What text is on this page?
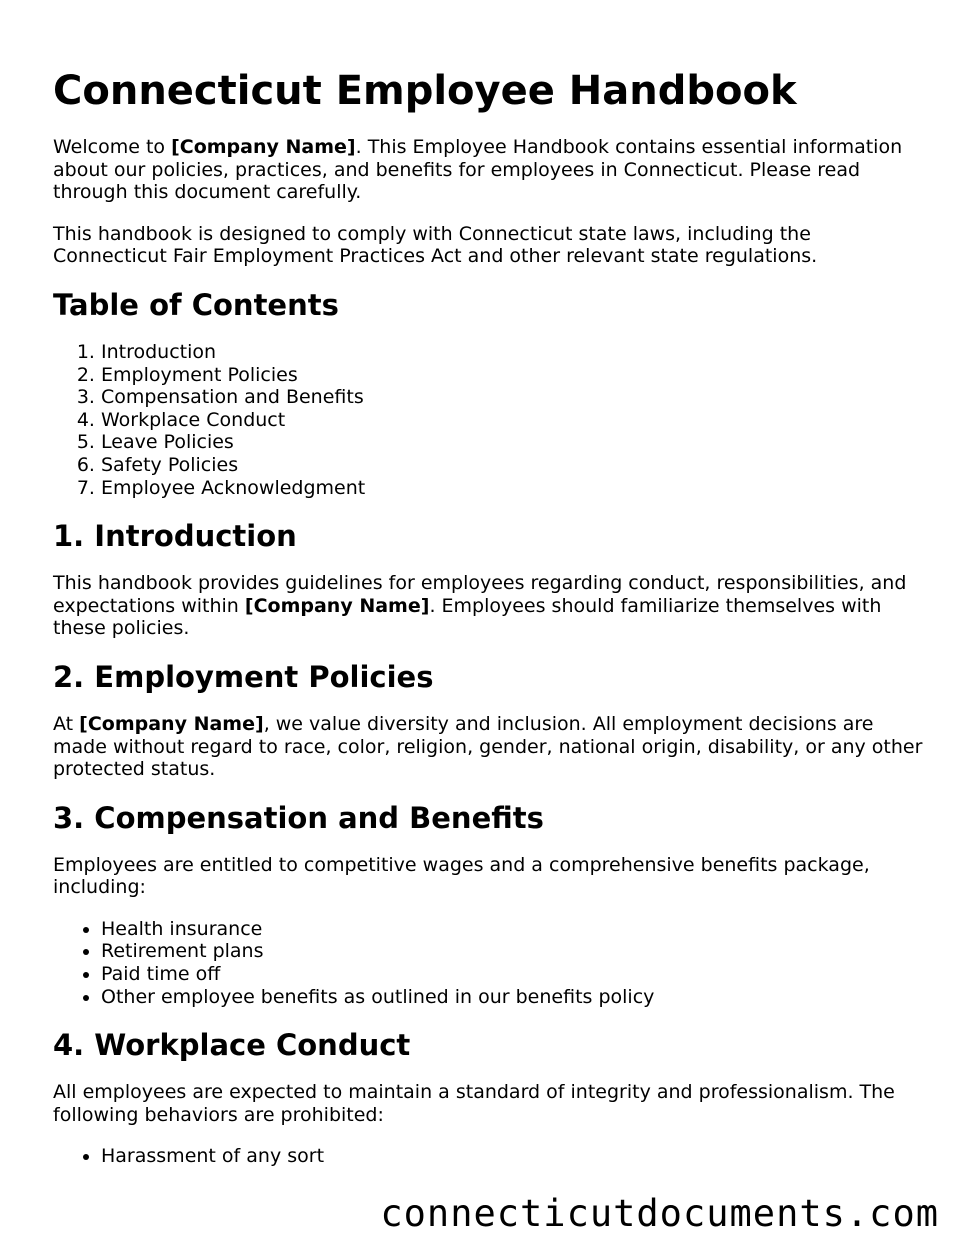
Connecticut Employee Handbook

Welcome to [Company Name]. This Employee Handbook contains essential information about our policies, practices, and benefits for employees in Connecticut. Please read through this document carefully.

This handbook is designed to comply with Connecticut state laws, including the Connecticut Fair Employment Practices Act and other relevant state regulations.

Table of Contents
1. Introduction
2. Employment Policies
3. Compensation and Benefits
4. Workplace Conduct
5. Leave Policies
6. Safety Policies
7. Employee Acknowledgment
1. Introduction

This handbook provides guidelines for employees regarding conduct, responsibilities, and expectations within [Company Name]. Employees should familiarize themselves with these policies.

2. Employment Policies

At [Company Name], we value diversity and inclusion. All employment decisions are made without regard to race, color, religion, gender, national origin, disability, or any other protected status.

3. Compensation and Benefits

Employees are entitled to competitive wages and a comprehensive benefits package, including:

• Health insurance
• Retirement plans
• Paid time off
• Other employee benefits as outlined in our benefits policy
4. Workplace Conduct

All employees are expected to maintain a standard of integrity and professionalism. The following behaviors are prohibited:

• Harassment of any sort
connecticutdocuments.com
